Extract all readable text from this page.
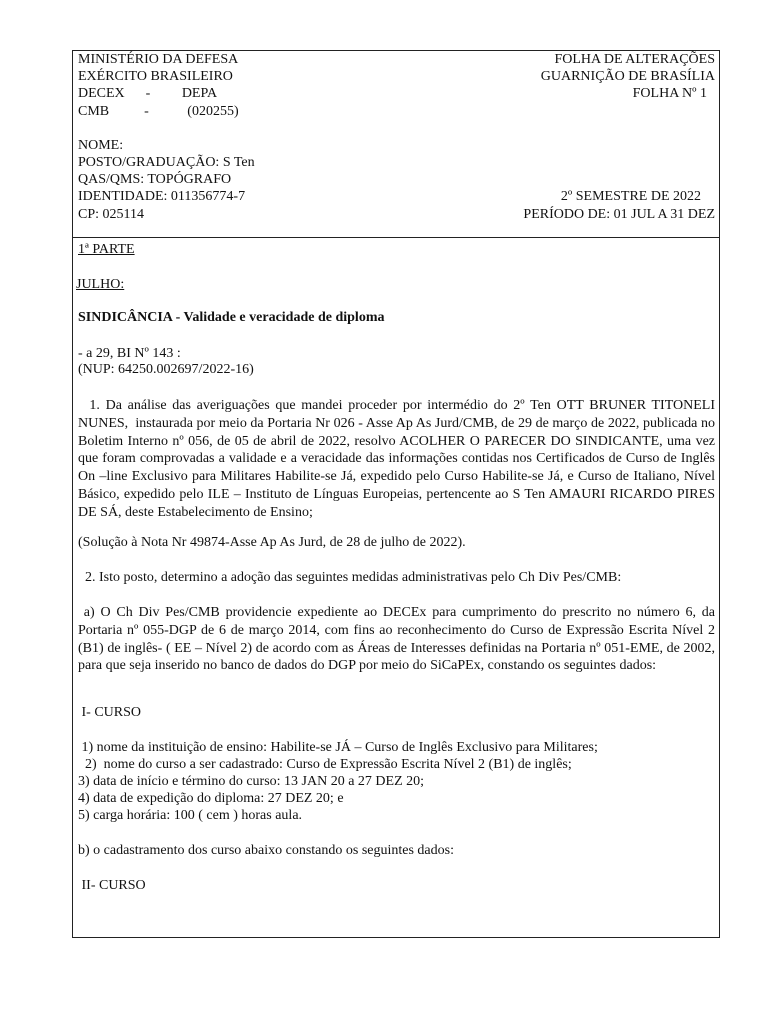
MINISTÉRIO DA DEFESA
EXÉRCITO BRASILEIRO
DECEX      -         DEPA
CMB          -           (020255)
FOLHA DE ALTERAÇÕES
GUARNIÇÃO DE BRASÍLIA
FOLHA Nº 1
NOME:
POSTO/GRADUAÇÃO: S Ten
QAS/QMS: TOPÓGRAFO
IDENTIDADE: 011356774-7
CP: 025114
2º SEMESTRE DE 2022
PERÍODO DE: 01 JUL A 31 DEZ
1ª PARTE
JULHO:
SINDICÂNCIA - Validade e veracidade de diploma
- a 29, BI Nº 143 :
(NUP: 64250.002697/2022-16)
1. Da análise das averiguações que mandei proceder por intermédio do 2º Ten OTT BRUNER TITONELI NUNES,  instaurada por meio da Portaria Nr 026 - Asse Ap As Jurd/CMB, de 29 de março de 2022, publicada no Boletim Interno nº 056, de 05 de abril de 2022, resolvo ACOLHER O PARECER DO SINDICANTE, uma vez que foram comprovadas a validade e a veracidade das informações contidas nos Certificados de Curso de Inglês On –line Exclusivo para Militares Habilite-se Já, expedido pelo Curso Habilite-se Já, e Curso de Italiano, Nível Básico, expedido pelo ILE – Instituto de Línguas Europeias, pertencente ao S Ten AMAURI RICARDO PIRES DE SÁ, deste Estabelecimento de Ensino;
(Solução à Nota Nr 49874-Asse Ap As Jurd, de 28 de julho de 2022).
2. Isto posto, determino a adoção das seguintes medidas administrativas pelo Ch Div Pes/CMB:
a) O Ch Div Pes/CMB providencie expediente ao DECEx para cumprimento do prescrito no número 6, da Portaria nº 055-DGP de 6 de março 2014, com fins ao reconhecimento do Curso de Expressão Escrita Nível 2 (B1) de inglês- ( EE – Nível 2) de acordo com as Áreas de Interesses definidas na Portaria nº 051-EME, de 2002, para que seja inserido no banco de dados do DGP por meio do SiCaPEx, constando os seguintes dados:
I- CURSO
1) nome da instituição de ensino: Habilite-se JÁ – Curso de Inglês Exclusivo para Militares;
2)  nome do curso a ser cadastrado: Curso de Expressão Escrita Nível 2 (B1) de inglês;
3) data de início e término do curso: 13 JAN 20 a 27 DEZ 20;
4) data de expedição do diploma: 27 DEZ 20; e
5) carga horária: 100 ( cem ) horas aula.
b) o cadastramento dos curso abaixo constando os seguintes dados:
II- CURSO
